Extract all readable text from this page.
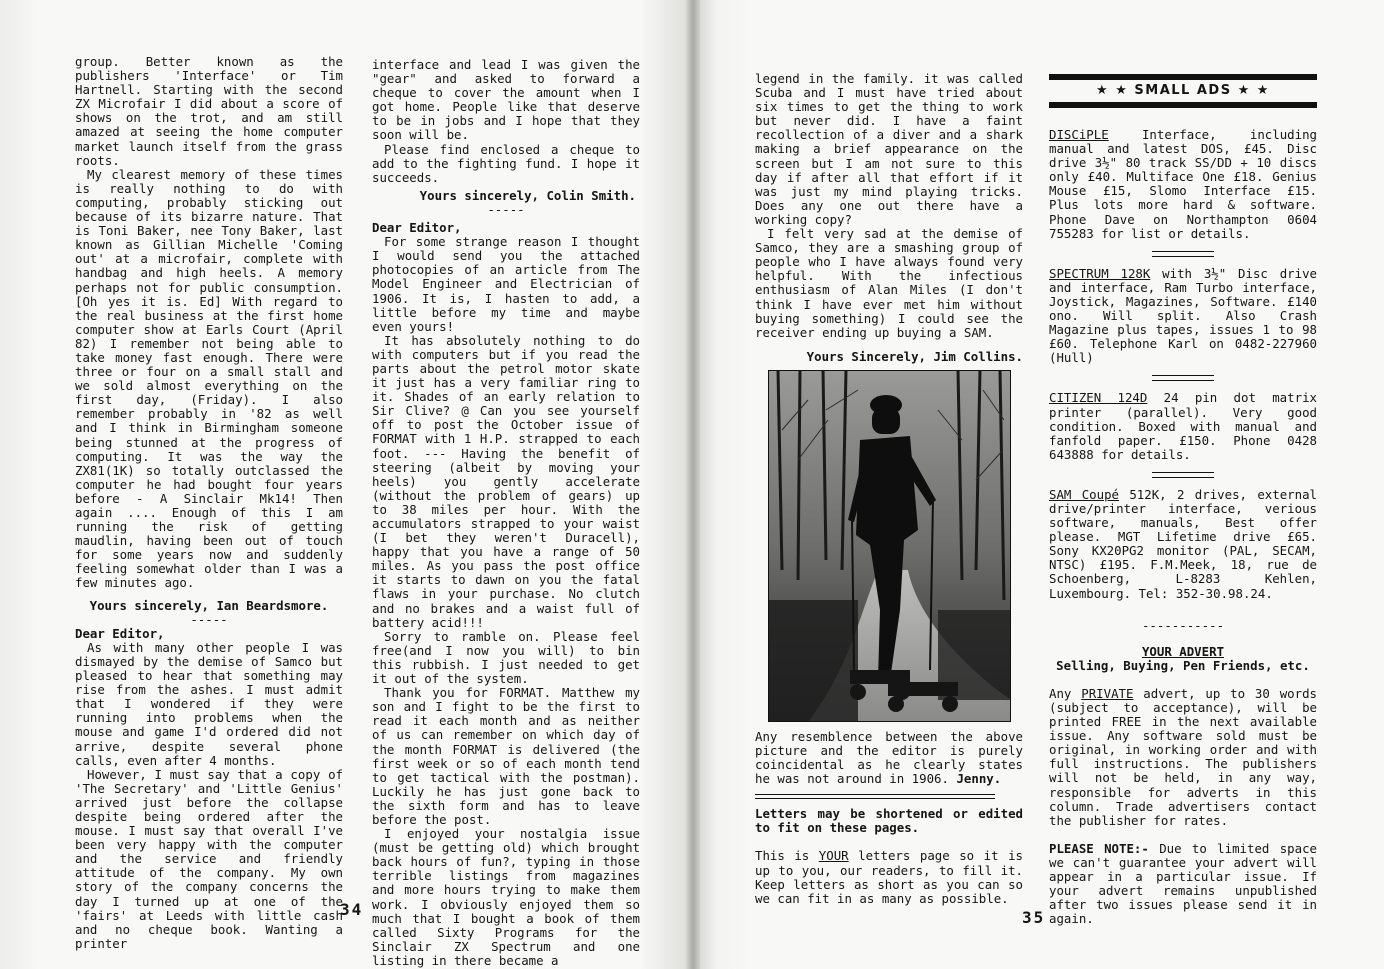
group. Better known as the publishers 'Interface' or Tim Hartnell. Starting with the second ZX Microfair I did about a score of shows on the trot, and am still amazed at seeing the home computer market launch itself from the grass roots.

My clearest memory of these times is really nothing to do with computing, probably sticking out because of its bizarre nature. That is Toni Baker, nee Tony Baker, last known as Gillian Michelle 'Coming out' at a microfair, complete with handbag and high heels. A memory perhaps not for public consumption. [Oh yes it is. Ed] With regard to the real business at the first home computer show at Earls Court (April 82) I remember not being able to take money fast enough. There were three or four on a small stall and we sold almost everything on the first day, (Friday). I also remember probably in '82 as well and I think in Birmingham someone being stunned at the progress of computing. It was the way the ZX81(1K) so totally outclassed the computer he had bought four years before - A Sinclair Mk14! Then again .... Enough of this I am running the risk of getting maudlin, having been out of touch for some years now and suddenly feeling somewhat older than I was a few minutes ago.

Yours sincerely, Ian Beardsmore.

-----

Dear Editor,

As with many other people I was dismayed by the demise of Samco but pleased to hear that something may rise from the ashes. I must admit that I wondered if they were running into problems when the mouse and game I'd ordered did not arrive, despite several phone calls, even after 4 months.

However, I must say that a copy of 'The Secretary' and 'Little Genius' arrived just before the collapse despite being ordered after the mouse. I must say that overall I've been very happy with the computer and the service and friendly attitude of the company. My own story of the company concerns the day I turned up at one of the 'fairs' at Leeds with little cash and no cheque book. Wanting a printer

interface and lead I was given the "gear" and asked to forward a cheque to cover the amount when I got home. People like that deserve to be in jobs and I hope that they soon will be.

Please find enclosed a cheque to add to the fighting fund. I hope it succeeds.

Yours sincerely, Colin Smith.

-----

Dear Editor,

For some strange reason I thought I would send you the attached photocopies of an article from The Model Engineer and Electrician of 1906. It is, I hasten to add, a little before my time and maybe even yours!

It has absolutely nothing to do with computers but if you read the parts about the petrol motor skate it just has a very familiar ring to it. Shades of an early relation to Sir Clive? @ Can you see yourself off to post the October issue of FORMAT with 1 H.P. strapped to each foot. --- Having the benefit of steering (albeit by moving your heels) you gently accelerate (without the problem of gears) up to 38 miles per hour. With the accumulators strapped to your waist (I bet they weren't Duracell), happy that you have a range of 50 miles. As you pass the post office it starts to dawn on you the fatal flaws in your purchase. No clutch and no brakes and a waist full of battery acid!!!

Sorry to ramble on. Please feel free(and I now you will) to bin this rubbish. I just needed to get it out of the system.

Thank you for FORMAT. Matthew my son and I fight to be the first to read it each month and as neither of us can remember on which day of the month FORMAT is delivered (the first week or so of each month tend to get tactical with the postman). Luckily he has just gone back to the sixth form and has to leave before the post.

I enjoyed your nostalgia issue (must be getting old) which brought back hours of fun?, typing in those terrible listings from magazines and more hours trying to make them work. I obviously enjoyed them so much that I bought a book of them called Sixty Programs for the Sinclair ZX Spectrum and one listing in there became a

34

legend in the family. it was called Scuba and I must have tried about six times to get the thing to work but never did. I have a faint recollection of a diver and a shark making a brief appearance on the screen but I am not sure to this day if after all that effort if it was just my mind playing tricks. Does any one out there have a working copy?

I felt very sad at the demise of Samco, they are a smashing group of people who I have always found very helpful. With the infectious enthusiasm of Alan Miles (I don't think I have ever met him without buying something) I could see the receiver ending up buying a SAM.

Yours Sincerely, Jim Collins.

Any resemblence between the above picture and the editor is purely coincidental as he clearly states he was not around in 1906. Jenny.

Letters may be shortened or edited to fit on these pages.

This is YOUR letters page so it is up to you, our readers, to fill it. Keep letters as short as you can so we can fit in as many as possible.

★ ★ SMALL ADS ★ ★

DISCiPLE Interface, including manual and latest DOS, £45. Disc drive 3½" 80 track SS/DD + 10 discs only £40. Multiface One £18. Genius Mouse £15, Slomo Interface £15. Plus lots more hard & software. Phone Dave on Northampton 0604 755283 for list or details.

SPECTRUM 128K with 3½" Disc drive and interface, Ram Turbo interface, Joystick, Magazines, Software. £140 ono. Will split. Also Crash Magazine plus tapes, issues 1 to 98 £60. Telephone Karl on 0482-227960 (Hull)

CITIZEN 124D 24 pin dot matrix printer (parallel). Very good condition. Boxed with manual and fanfold paper. £150. Phone 0428 643888 for details.

SAM Coupé 512K, 2 drives, external drive/printer interface, verious software, manuals, Best offer please. MGT Lifetime drive £65. Sony KX20PG2 monitor (PAL, SECAM, NTSC) £195. F.M.Meek, 18, rue de Schoenberg, L-8283 Kehlen, Luxembourg. Tel: 352-30.98.24.

-----------

YOUR ADVERT

Selling, Buying, Pen Friends, etc.

Any PRIVATE advert, up to 30 words (subject to acceptance), will be printed FREE in the next available issue. Any software sold must be original, in working order and with full instructions. The publishers will not be held, in any way, responsible for adverts in this column. Trade advertisers contact the publisher for rates.

PLEASE NOTE:- Due to limited space we can't guarantee your advert will appear in a particular issue. If your advert remains unpublished after two issues please send it in again.

35
